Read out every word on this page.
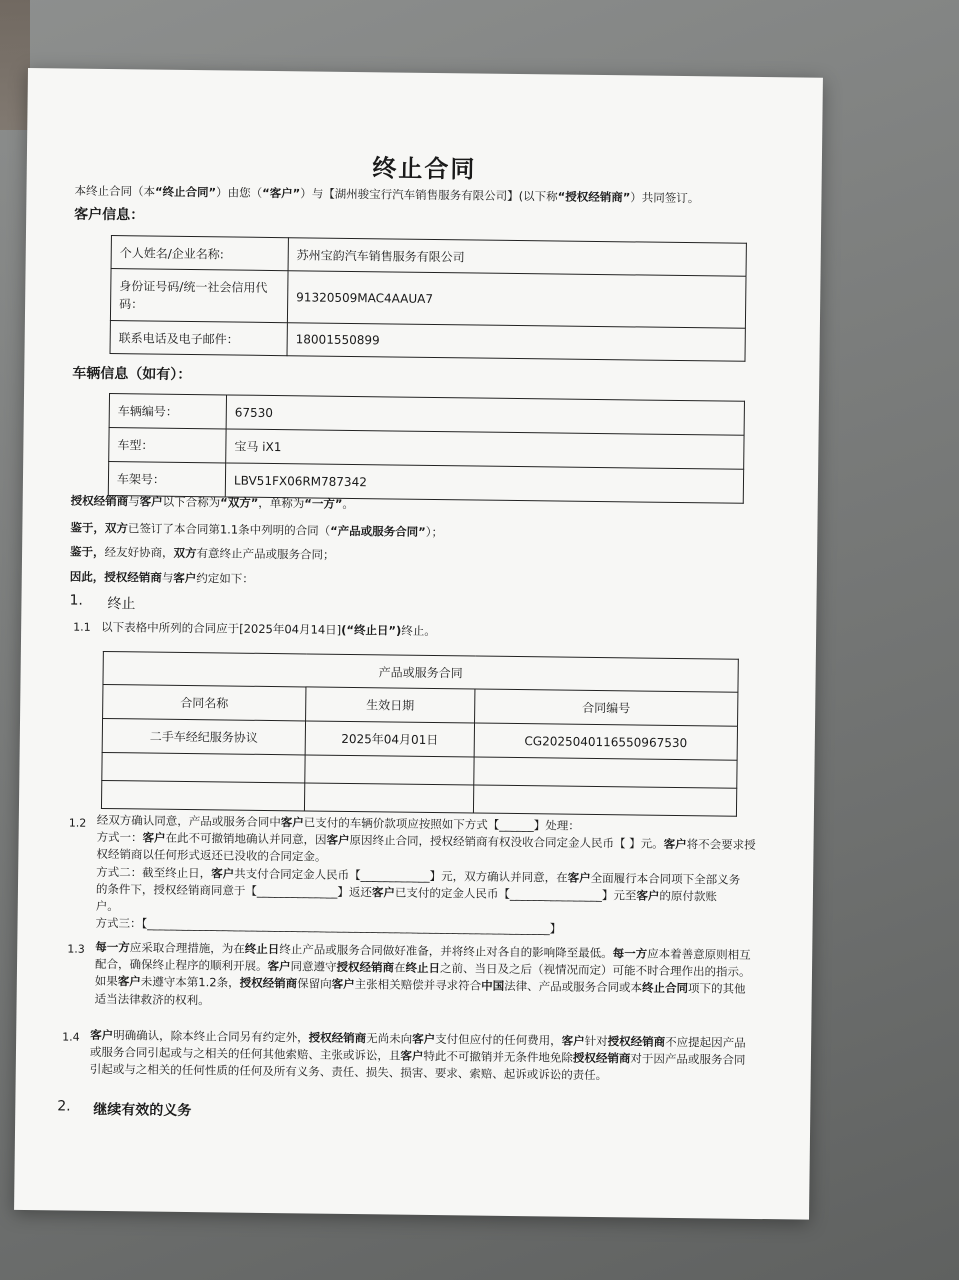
终止合同
本终止合同（本“终止合同”）由您（“客户”）与【湖州骏宝行汽车销售服务有限公司】(以下称“授权经销商”）共同签订。
客户信息：
个人姓名/企业名称:	苏州宝韵汽车销售服务有限公司
身份证号码/统一社会信用代码：	91320509MAC4AAUA7
联系电话及电子邮件：	18001550899
车辆信息（如有）：
车辆编号：	67530
车型：	宝马 iX1
车架号：	LBV51FX06RM787342
授权经销商与客户以下合称为“双方”，单称为“一方”。
鉴于，双方已签订了本合同第1.1条中列明的合同（“产品或服务合同”）；
鉴于，经友好协商，双方有意终止产品或服务合同；
因此，授权经销商与客户约定如下：
1. 终止
1.1 以下表格中所列的合同应于[2025年04月14日](“终止日”)终止。
产品或服务合同		
合同名称	生效日期	合同编号
二手车经纪服务协议	2025年04月01日	CG2025040116550967530

1.2 经双方确认同意，产品或服务合同中客户已支付的车辆价款项应按照如下方式【______】处理：
方式一：客户在此不可撤销地确认并同意，因客户原因终止合同，授权经销商有权没收合同定金人民币【 】元。客户将不会要求授
权经销商以任何形式返还已没收的合同定金。
方式二：截至终止日，客户共支付合同定金人民币【____________】元，双方确认并同意，在客户全面履行本合同项下全部义务
的条件下，授权经销商同意于【______________】返还客户已支付的定金人民币【________________】元至客户的原付款账
户。
方式三：【______________________________________________________________________】
1.3 每一方应采取合理措施，为在终止日终止产品或服务合同做好准备，并将终止对各自的影响降至最低。每一方应本着善意原则相互
配合，确保终止程序的顺利开展。客户同意遵守授权经销商在终止日之前、当日及之后（视情况而定）可能不时合理作出的指示。
如果客户未遵守本第1.2条，授权经销商保留向客户主张相关赔偿并寻求符合中国法律、产品或服务合同或本终止合同项下的其他
适当法律救济的权利。
1.4 客户明确确认，除本终止合同另有约定外，授权经销商无尚未向客户支付但应付的任何费用，客户针对授权经销商不应提起因产品
或服务合同引起或与之相关的任何其他索赔、主张或诉讼，且客户特此不可撤销并无条件地免除授权经销商对于因产品或服务合同
引起或与之相关的任何性质的任何及所有义务、责任、损失、损害、要求、索赔、起诉或诉讼的责任。
2. 继续有效的义务
